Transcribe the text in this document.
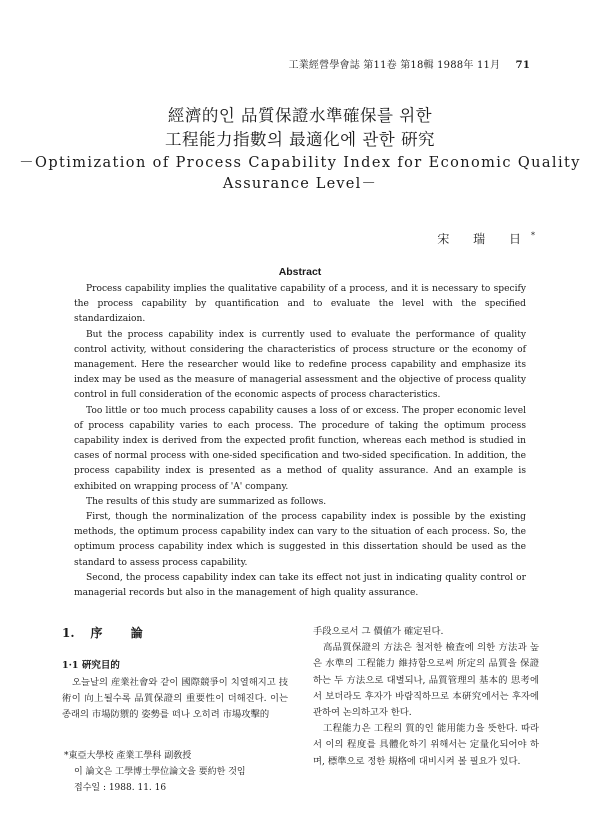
工業經營學會誌 第11卷 第18輯 1988年 11月 71
經濟的인 品質保證水準確保를 위한
工程能力指數의 最適化에 관한 硏究
－Optimization of Process Capability Index for Economic Quality
Assurance Level－
宋 瑞 日*
Abstract

Process capability implies the qualitative capability of a process, and it is necessary to specify the process capability by quantification and to evaluate the level with the specified standardizaion.

But the process capability index is currently used to evaluate the performance of quality control activity, without considering the characteristics of process structure or the economy of management. Here the researcher would like to redefine process capability and emphasize its index may be used as the measure of managerial assessment and the objective of process quality control in full consideration of the economic aspects of process characteristics.

Too little or too much process capability causes a loss of or excess. The proper economic level of process capability varies to each process. The procedure of taking the optimum process capability index is derived from the expected profit function, whereas each method is studied in cases of normal process with one-sided specification and two-sided specification. In addition, the process capability index is presented as a method of quality assurance. And an example is exhibited on wrapping process of 'A' company.

The results of this study are summarized as follows.

First, though the norminalization of the process capability index is possible by the existing methods, the optimum process capability index can vary to the situation of each process. So, the optimum process capability index which is suggested in this dissertation should be used as the standard to assess process capability.

Second, the process capability index can take its effect not just in indicating quality control or managerial records but also in the management of high quality assurance.

1. 序 論
1·1 硏究目的

오늘날의 産業社會와 같이 國際競爭이 치열해지고 技術이 向上될수록 品質保證의 重要性이 더해진다. 이는 종래의 市場防禦的 姿勢를 떠나 오히려 市場攻擊的

手段으로서 그 價値가 確定된다.

高品質保證의 方法은 철저한 檢査에 의한 方法과 높은 水準의 工程能力 維持함으로써 所定의 品質을 保證하는 두 方法으로 대별되나, 品質管理의 基本的 思考에서 보더라도 후자가 바람직하므로 本硏究에서는 후자에 관하여 논의하고자 한다.

工程能力은 工程의 質的인 能用能力을 뜻한다. 따라서 이의 程度를 具體化하기 위해서는 定量化되어야 하며, 標準으로 정한 規格에 대비시켜 볼 필요가 있다.

*東亞大學校 產業工學科 副敎授
이 論文은 工學博士學位論文을 要約한 것임
접수일 : 1988. 11. 16
